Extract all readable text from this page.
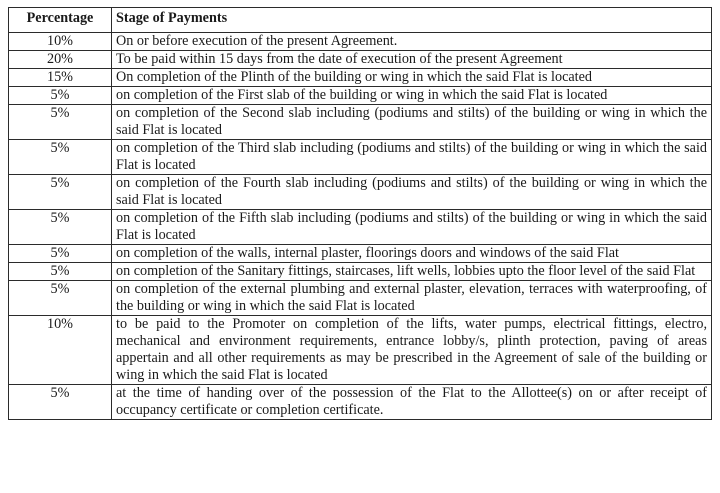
Percentage	Stage of Payments
10%	On or before execution of the present Agreement.
20%	To be paid within 15 days from the date of execution of the present Agreement
15%	On completion of the Plinth of the building or wing in which the said Flat is located
5%	on completion of the First slab of the building or wing in which the said Flat is located
5%	on completion of the Second slab including (podiums and stilts) of the building or wing in which the said Flat is located
5%	on completion of the Third slab including (podiums and stilts) of the building or wing in which the said Flat is located
5%	on completion of the Fourth slab including (podiums and stilts) of the building or wing in which the said Flat is located
5%	on completion of the Fifth slab including (podiums and stilts) of the building or wing in which the said Flat is located
5%	on completion of the walls, internal plaster, floorings doors and windows of the said Flat
5%	on completion of the Sanitary fittings, staircases, lift wells, lobbies upto the floor level of the said Flat
5%	on completion of the external plumbing and external plaster, elevation, terraces with waterproofing, of the building or wing in which the said Flat is located
10%	to be paid to the Promoter on completion of the lifts, water pumps, electrical fittings, electro, mechanical and environment requirements, entrance lobby/s, plinth protection, paving of areas appertain and all other requirements as may be prescribed in the Agreement of sale of the building or wing in which the said Flat is located
5%	at the time of handing over of the possession of the Flat to the Allottee(s) on or after receipt of occupancy certificate or completion certificate.
